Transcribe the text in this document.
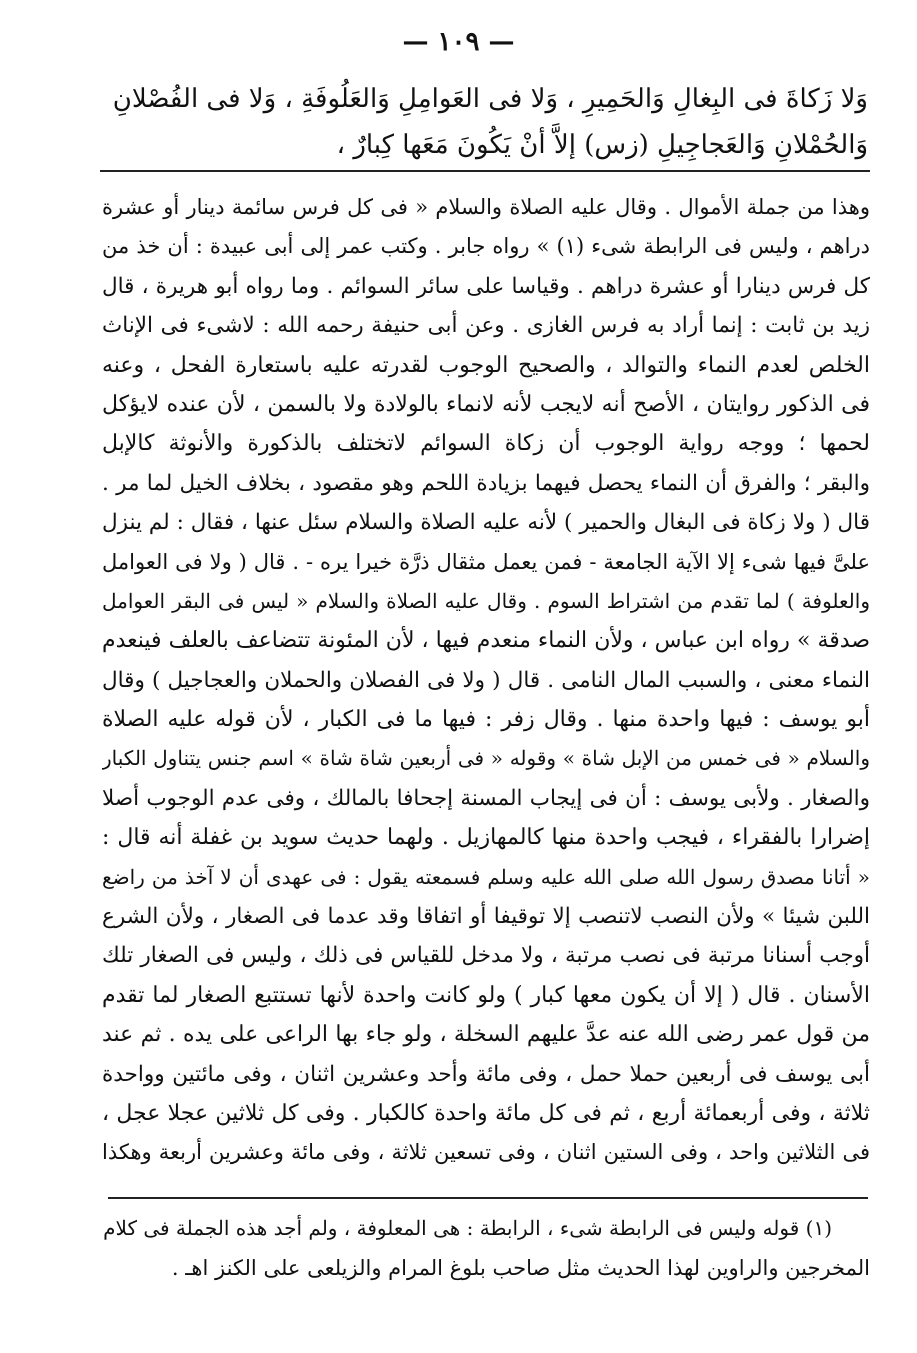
— ١٠٩ —
وَلا زَكاةَ فى البِغالِ وَالحَمِيرِ ، وَلا فى العَوامِلِ وَالعَلُوفَةِ ، وَلا فى الفُصْلانِ
وَالحُمْلانِ وَالعَجاجِيلِ (زس) إلاَّ أنْ يَكُونَ مَعَها كِبارٌ ،
وهذا من جملة الأموال . وقال عليه الصلاة والسلام « فى كل فرس سائمة دينار أو عشرة
دراهم ، وليس فى الرابطة شىء (١) » رواه جابر . وكتب عمر إلى أبى عبيدة : أن خذ من
كل فرس دينارا أو عشرة دراهم . وقياسا على سائر السوائم . وما رواه أبو هريرة ، قال
زيد بن ثابت : إنما أراد به فرس الغازى . وعن أبى حنيفة رحمه الله : لاشىء فى الإناث
الخلص لعدم النماء والتوالد ، والصحيح الوجوب لقدرته عليه باستعارة الفحل ، وعنه
فى الذكور روايتان ، الأصح أنه لايجب لأنه لانماء بالولادة ولا بالسمن ، لأن عنده لايؤكل
لحمها ؛ ووجه رواية الوجوب أن زكاة السوائم لاتختلف بالذكورة والأنوثة كالإبل
والبقر ؛ والفرق أن النماء يحصل فيهما بزيادة اللحم وهو مقصود ، بخلاف الخيل لما مر .
قال ( ولا زكاة فى البغال والحمير ) لأنه عليه الصلاة والسلام سئل عنها ، فقال : لم ينزل
علىَّ فيها شىء إلا الآية الجامعة - فمن يعمل مثقال ذرَّة خيرا يره - . قال ( ولا فى العوامل
والعلوفة ) لما تقدم من اشتراط السوم . وقال عليه الصلاة والسلام « ليس فى البقر العوامل
صدقة » رواه ابن عباس ، ولأن النماء منعدم فيها ، لأن المئونة تتضاعف بالعلف فينعدم
النماء معنى ، والسبب المال النامى . قال ( ولا فى الفصلان والحملان والعجاجيل ) وقال
أبو يوسف : فيها واحدة منها . وقال زفر : فيها ما فى الكبار ، لأن قوله عليه الصلاة
والسلام « فى خمس من الإبل شاة » وقوله « فى أربعين شاة شاة » اسم جنس يتناول الكبار
والصغار . ولأبى يوسف : أن فى إيجاب المسنة إجحافا بالمالك ، وفى عدم الوجوب أصلا
إضرارا بالفقراء ، فيجب واحدة منها كالمهازيل . ولهما حديث سويد بن غفلة أنه قال :
« أتانا مصدق رسول الله صلى الله عليه وسلم فسمعته يقول : فى عهدى أن لا آخذ من راضع
اللبن شيئا » ولأن النصب لاتنصب إلا توقيفا أو اتفاقا وقد عدما فى الصغار ، ولأن الشرع
أوجب أسنانا مرتبة فى نصب مرتبة ، ولا مدخل للقياس فى ذلك ، وليس فى الصغار تلك
الأسنان . قال ( إلا أن يكون معها كبار ) ولو كانت واحدة لأنها تستتبع الصغار لما تقدم
من قول عمر رضى الله عنه عدَّ عليهم السخلة ، ولو جاء بها الراعى على يده . ثم عند
أبى يوسف فى أربعين حملا حمل ، وفى مائة وأحد وعشرين اثنان ، وفى مائتين وواحدة
ثلاثة ، وفى أربعمائة أربع ، ثم فى كل مائة واحدة كالكبار . وفى كل ثلاثين عجلا عجل ،
فى الثلاثين واحد ، وفى الستين اثنان ، وفى تسعين ثلاثة ، وفى مائة وعشرين أربعة وهكذا
(١) قوله وليس فى الرابطة شىء ، الرابطة : هى المعلوفة ، ولم أجد هذه الجملة فى كلام
المخرجين والراوين لهذا الحديث مثل صاحب بلوغ المرام والزيلعى على الكنز اهـ .
